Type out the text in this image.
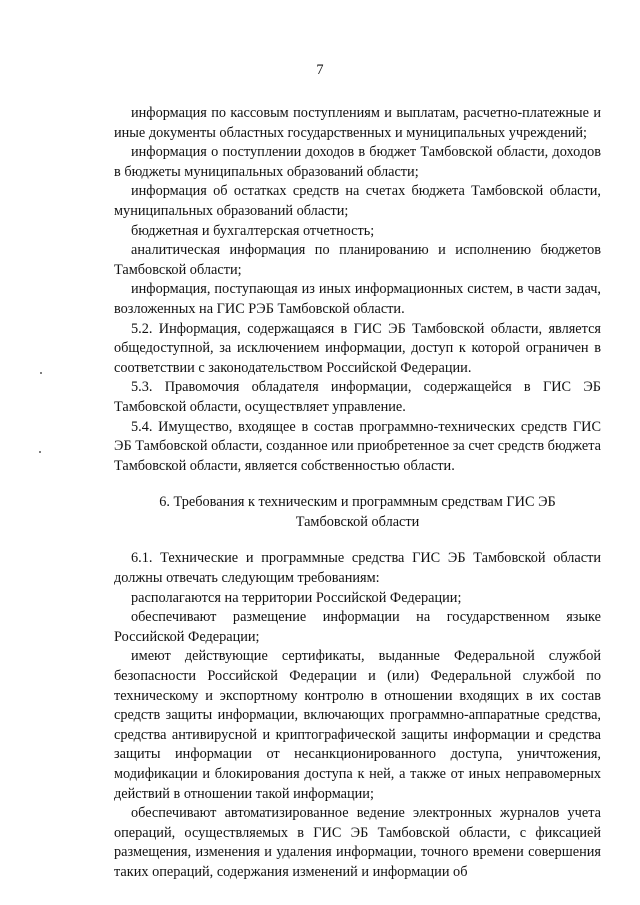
7

информация по кассовым поступлениям и выплатам, расчетно-платежные и иные документы областных государственных и муниципальных учреждений;

информация о поступлении доходов в бюджет Тамбовской области, доходов в бюджеты муниципальных образований области;

информация об остатках средств на счетах бюджета Тамбовской области, муниципальных образований области;

бюджетная и бухгалтерская отчетность;

аналитическая информация по планированию и исполнению бюджетов Тамбовской области;

информация, поступающая из иных информационных систем, в части задач, возложенных на ГИС РЭБ Тамбовской области.

5.2. Информация, содержащаяся в ГИС ЭБ Тамбовской области, является общедоступной, за исключением информации, доступ к которой ограничен в соответствии с законодательством Российской Федерации.

5.3. Правомочия обладателя информации, содержащейся в ГИС ЭБ Тамбовской области, осуществляет управление.

5.4. Имущество, входящее в состав программно-технических средств ГИС ЭБ Тамбовской области, созданное или приобретенное за счет средств бюджета Тамбовской области, является собственностью области.

6. Требования к техническим и программным средствам ГИС ЭБ Тамбовской области

6.1. Технические и программные средства ГИС ЭБ Тамбовской области должны отвечать следующим требованиям:

располагаются на территории Российской Федерации;

обеспечивают размещение информации на государственном языке Российской Федерации;

имеют действующие сертификаты, выданные Федеральной службой безопасности Российской Федерации и (или) Федеральной службой по техническому и экспортному контролю в отношении входящих в их состав средств защиты информации, включающих программно-аппаратные средства, средства антивирусной и криптографической защиты информации и средства защиты информации от несанкционированного доступа, уничтожения, модификации и блокирования доступа к ней, а также от иных неправомерных действий в отношении такой информации;

обеспечивают автоматизированное ведение электронных журналов учета операций, осуществляемых в ГИС ЭБ Тамбовской области, с фиксацией размещения, изменения и удаления информации, точного времени совершения таких операций, содержания изменений и информации об
